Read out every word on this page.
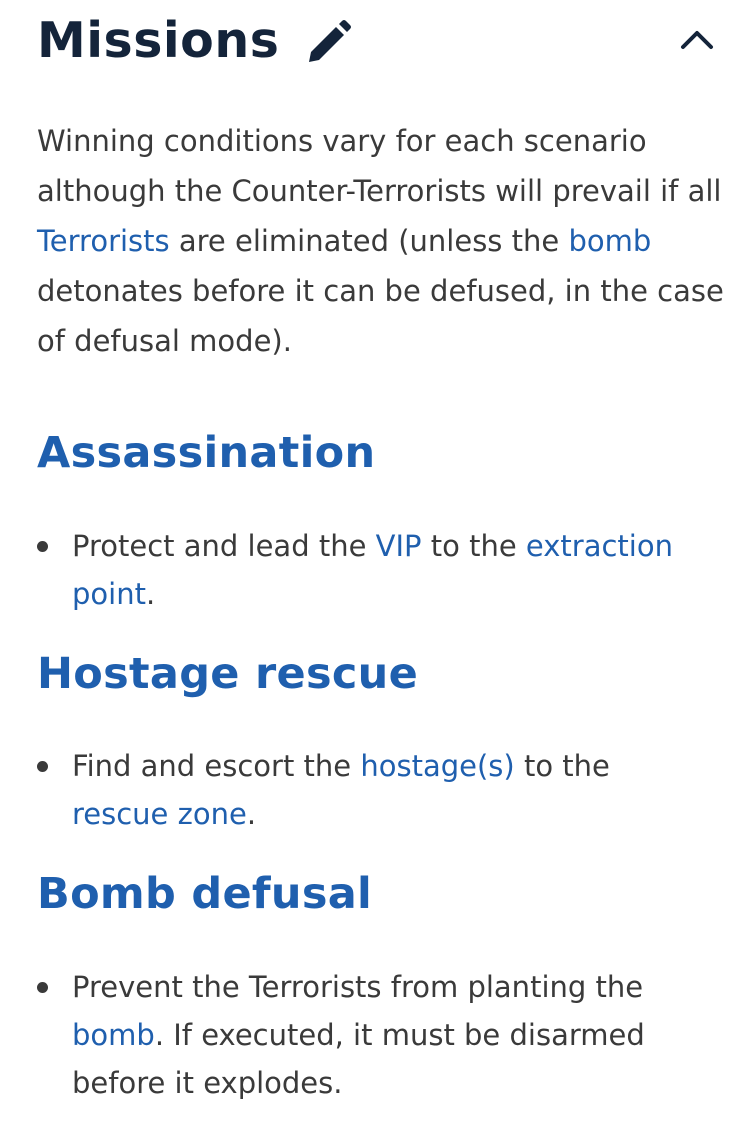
Missions

Winning conditions vary for each scenario although the Counter-Terrorists will prevail if all Terrorists are eliminated (unless the bomb detonates before it can be defused, in the case of defusal mode).

Assassination

Protect and lead the VIP to the extraction point.

Hostage rescue

Find and escort the hostage(s) to the rescue zone.

Bomb defusal

Prevent the Terrorists from planting the bomb. If executed, it must be disarmed before it explodes.
